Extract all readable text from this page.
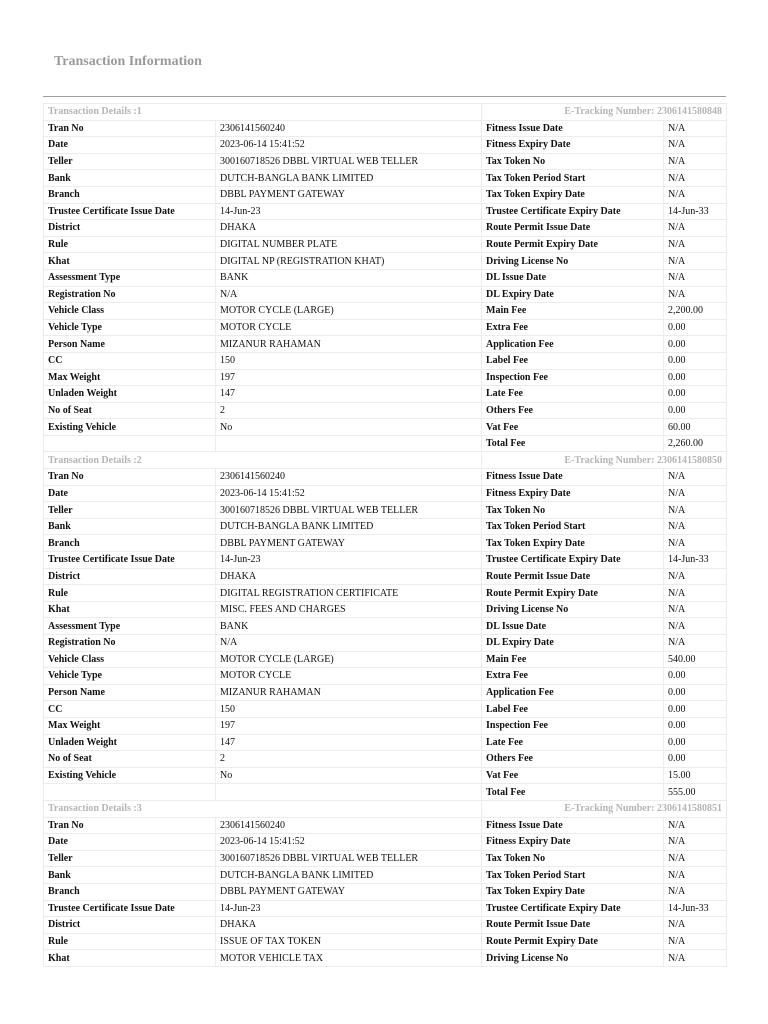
Transaction Information
Transaction Details :1		E-Tracking Number: 2306141580848	
Tran No	2306141560240	Fitness Issue Date	N/A
Date	2023-06-14 15:41:52	Fitness Expiry Date	N/A
Teller	300160718526 DBBL VIRTUAL WEB TELLER	Tax Token No	N/A
Bank	DUTCH-BANGLA BANK LIMITED	Tax Token Period Start	N/A
Branch	DBBL PAYMENT GATEWAY	Tax Token Expiry Date	N/A
Trustee Certificate Issue Date	14-Jun-23	Trustee Certificate Expiry Date	14-Jun-33
District	DHAKA	Route Permit Issue Date	N/A
Rule	DIGITAL NUMBER PLATE	Route Permit Expiry Date	N/A
Khat	DIGITAL NP (REGISTRATION KHAT)	Driving License No	N/A
Assessment Type	BANK	DL Issue Date	N/A
Registration No	N/A	DL Expiry Date	N/A
Vehicle Class	MOTOR CYCLE (LARGE)	Main Fee	2,200.00
Vehicle Type	MOTOR CYCLE	Extra Fee	0.00
Person Name	MIZANUR RAHAMAN	Application Fee	0.00
CC	150	Label Fee	0.00
Max Weight	197	Inspection Fee	0.00
Unladen Weight	147	Late Fee	0.00
No of Seat	2	Others Fee	0.00
Existing Vehicle	No	Vat Fee	60.00
		Total Fee	2,260.00
Transaction Details :2		E-Tracking Number: 2306141580850	
Tran No	2306141560240	Fitness Issue Date	N/A
Date	2023-06-14 15:41:52	Fitness Expiry Date	N/A
Teller	300160718526 DBBL VIRTUAL WEB TELLER	Tax Token No	N/A
Bank	DUTCH-BANGLA BANK LIMITED	Tax Token Period Start	N/A
Branch	DBBL PAYMENT GATEWAY	Tax Token Expiry Date	N/A
Trustee Certificate Issue Date	14-Jun-23	Trustee Certificate Expiry Date	14-Jun-33
District	DHAKA	Route Permit Issue Date	N/A
Rule	DIGITAL REGISTRATION CERTIFICATE	Route Permit Expiry Date	N/A
Khat	MISC. FEES AND CHARGES	Driving License No	N/A
Assessment Type	BANK	DL Issue Date	N/A
Registration No	N/A	DL Expiry Date	N/A
Vehicle Class	MOTOR CYCLE (LARGE)	Main Fee	540.00
Vehicle Type	MOTOR CYCLE	Extra Fee	0.00
Person Name	MIZANUR RAHAMAN	Application Fee	0.00
CC	150	Label Fee	0.00
Max Weight	197	Inspection Fee	0.00
Unladen Weight	147	Late Fee	0.00
No of Seat	2	Others Fee	0.00
Existing Vehicle	No	Vat Fee	15.00
		Total Fee	555.00
Transaction Details :3		E-Tracking Number: 2306141580851	
Tran No	2306141560240	Fitness Issue Date	N/A
Date	2023-06-14 15:41:52	Fitness Expiry Date	N/A
Teller	300160718526 DBBL VIRTUAL WEB TELLER	Tax Token No	N/A
Bank	DUTCH-BANGLA BANK LIMITED	Tax Token Period Start	N/A
Branch	DBBL PAYMENT GATEWAY	Tax Token Expiry Date	N/A
Trustee Certificate Issue Date	14-Jun-23	Trustee Certificate Expiry Date	14-Jun-33
District	DHAKA	Route Permit Issue Date	N/A
Rule	ISSUE OF TAX TOKEN	Route Permit Expiry Date	N/A
Khat	MOTOR VEHICLE TAX	Driving License No	N/A
